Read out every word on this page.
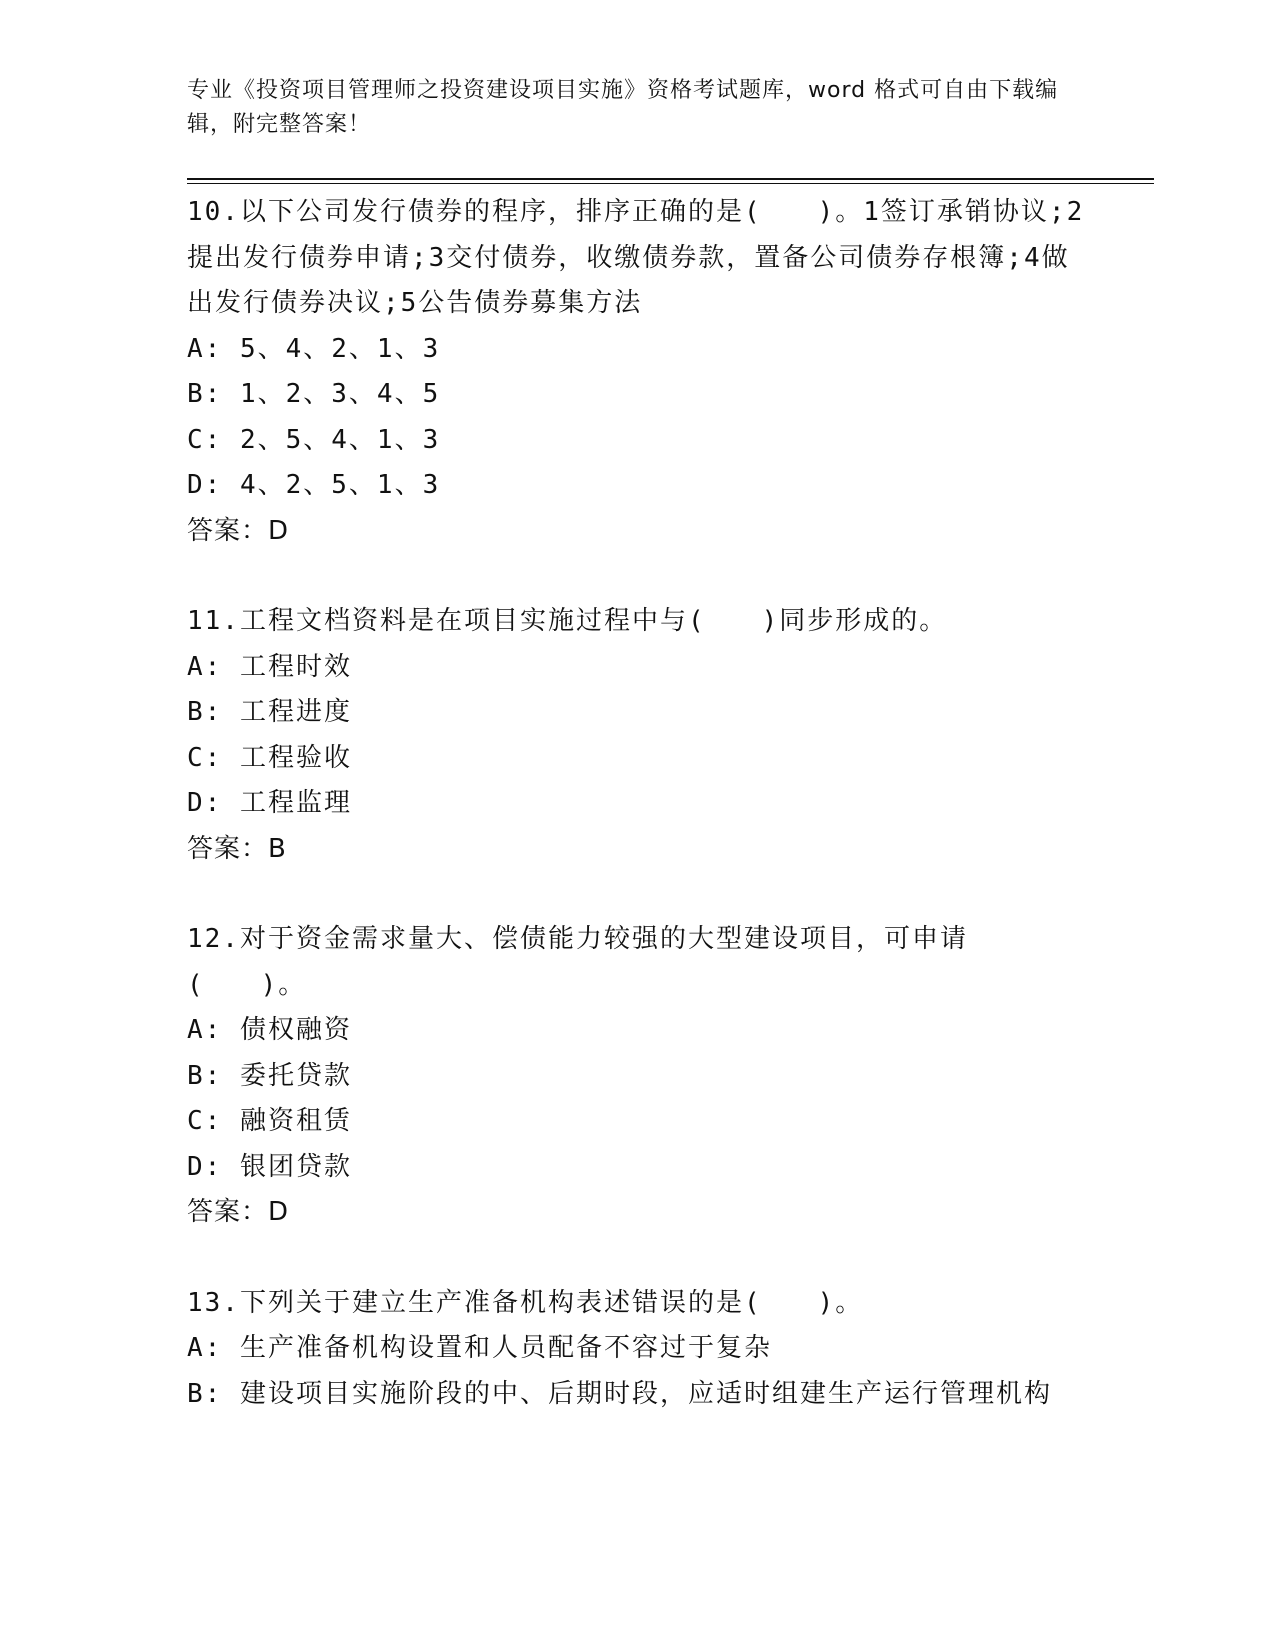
专业《投资项目管理师之投资建设项目实施》资格考试题库，word 格式可自由下载编辑，附完整答案！

10.以下公司发行债券的程序，排序正确的是(　　)。1签订承销协议;2提出发行债券申请;3交付债券，收缴债券款，置备公司债券存根簿;4做出发行债券决议;5公告债券募集方法

A: 5、4、2、1、3

B: 1、2、3、4、5

C: 2、5、4、1、3

D: 4、2、5、1、3

答案：D

11.工程文档资料是在项目实施过程中与(　　)同步形成的。

A: 工程时效

B: 工程进度

C: 工程验收

D: 工程监理

答案：B

12.对于资金需求量大、偿债能力较强的大型建设项目，可申请(　　)。

A: 债权融资

B: 委托贷款

C: 融资租赁

D: 银团贷款

答案：D

13.下列关于建立生产准备机构表述错误的是(　　)。

A: 生产准备机构设置和人员配备不容过于复杂

B: 建设项目实施阶段的中、后期时段，应适时组建生产运行管理机构
